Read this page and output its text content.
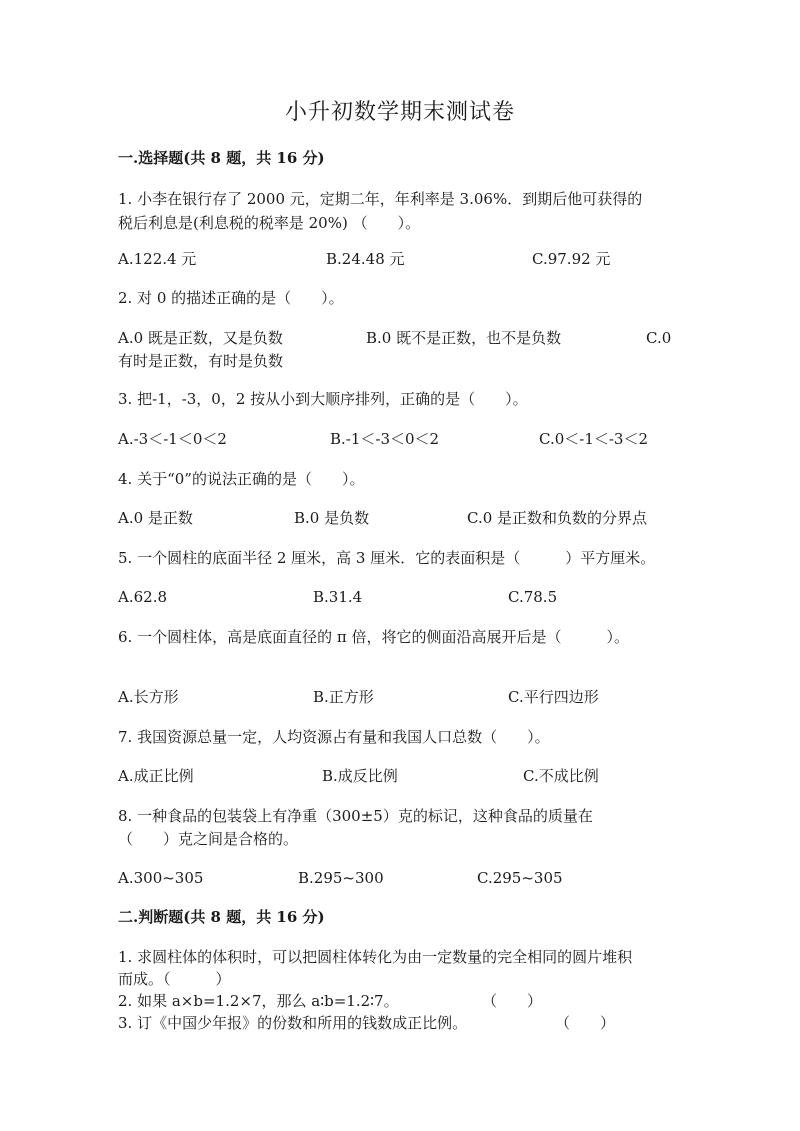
小升初数学期末测试卷
一.选择题(共 8 题，共 16 分)
1. 小李在银行存了 2000 元，定期二年，年利率是 3.06%．到期后他可获得的
税后利息是(利息税的税率是 20%) （　　）。
A.122.4 元	B.24.48 元	C.97.92 元
2. 对 0 的描述正确的是（　　）。
A.0 既是正数，又是负数	B.0 既不是正数，也不是负数	C.0
有时是正数，有时是负数
3. 把-1，-3，0，2 按从小到大顺序排列，正确的是（　　）。
A.-3＜-1＜0＜2	B.-1＜-3＜0＜2	C.0＜-1＜-3＜2
4. 关于“0”的说法正确的是（　　）。
A.0 是正数	B.0 是负数	C.0 是正数和负数的分界点
5. 一个圆柱的底面半径 2 厘米，高 3 厘米．它的表面积是（　　　）平方厘米。
A.62.8	B.31.4	C.78.5
6. 一个圆柱体，高是底面直径的 π 倍，将它的侧面沿高展开后是（　　　）。
A.长方形	B.正方形	C.平行四边形
7. 我国资源总量一定，人均资源占有量和我国人口总数（　　）。
A.成正比例	B.成反比例	C.不成比例
8. 一种食品的包装袋上有净重（300±5）克的标记，这种食品的质量在
（　　）克之间是合格的。
A.300~305	B.295~300	C.295~305
二.判断题(共 8 题，共 16 分)
1. 求圆柱体的体积时，可以把圆柱体转化为由一定数量的完全相同的圆片堆积
而成。（　　　）
2. 如果 a×b=1.2×7，那么 a∶b=1.2∶7。	（　　）
3. 订《中国少年报》的份数和所用的钱数成正比例。	（　　）
